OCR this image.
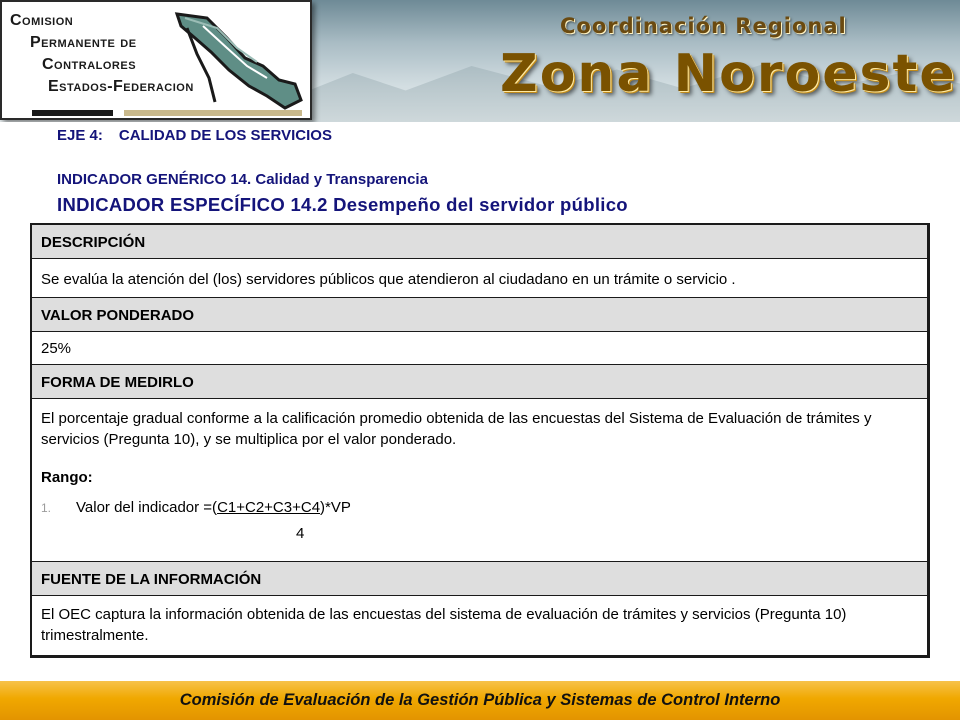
Comision
Permanente de
Contralores
Estados-Federacion
Coordinación Regional
Zona Noroeste
EJE 4: CALIDAD DE LOS SERVICIOS
INDICADOR GENÉRICO 14. Calidad y Transparencia
INDICADOR ESPECÍFICO 14.2 Desempeño del servidor público
DESCRIPCIÓN
Se evalúa la atención del (los) servidores públicos que atendieron al ciudadano en un trámite o servicio .
VALOR PONDERADO
25%
FORMA DE MEDIRLO
El porcentaje gradual conforme a la calificación promedio obtenida de las encuestas del Sistema de Evaluación de trámites y servicios (Pregunta 10), y se multiplica por el valor ponderado.
Rango:
1. Valor del indicador =(C1+C2+C3+C4)*VP
4
FUENTE DE LA INFORMACIÓN
El OEC captura la información obtenida de las encuestas del sistema de evaluación de trámites y servicios (Pregunta 10) trimestralmente.
Comisión de Evaluación de la Gestión Pública y Sistemas de Control Interno
